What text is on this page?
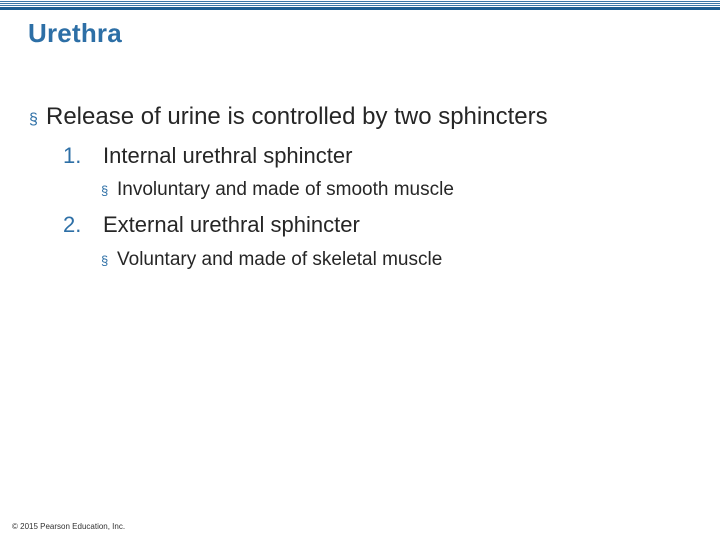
Urethra
§ Release of urine is controlled by two sphincters
1. Internal urethral sphincter
§ Involuntary and made of smooth muscle
2. External urethral sphincter
§ Voluntary and made of skeletal muscle
© 2015 Pearson Education, Inc.
